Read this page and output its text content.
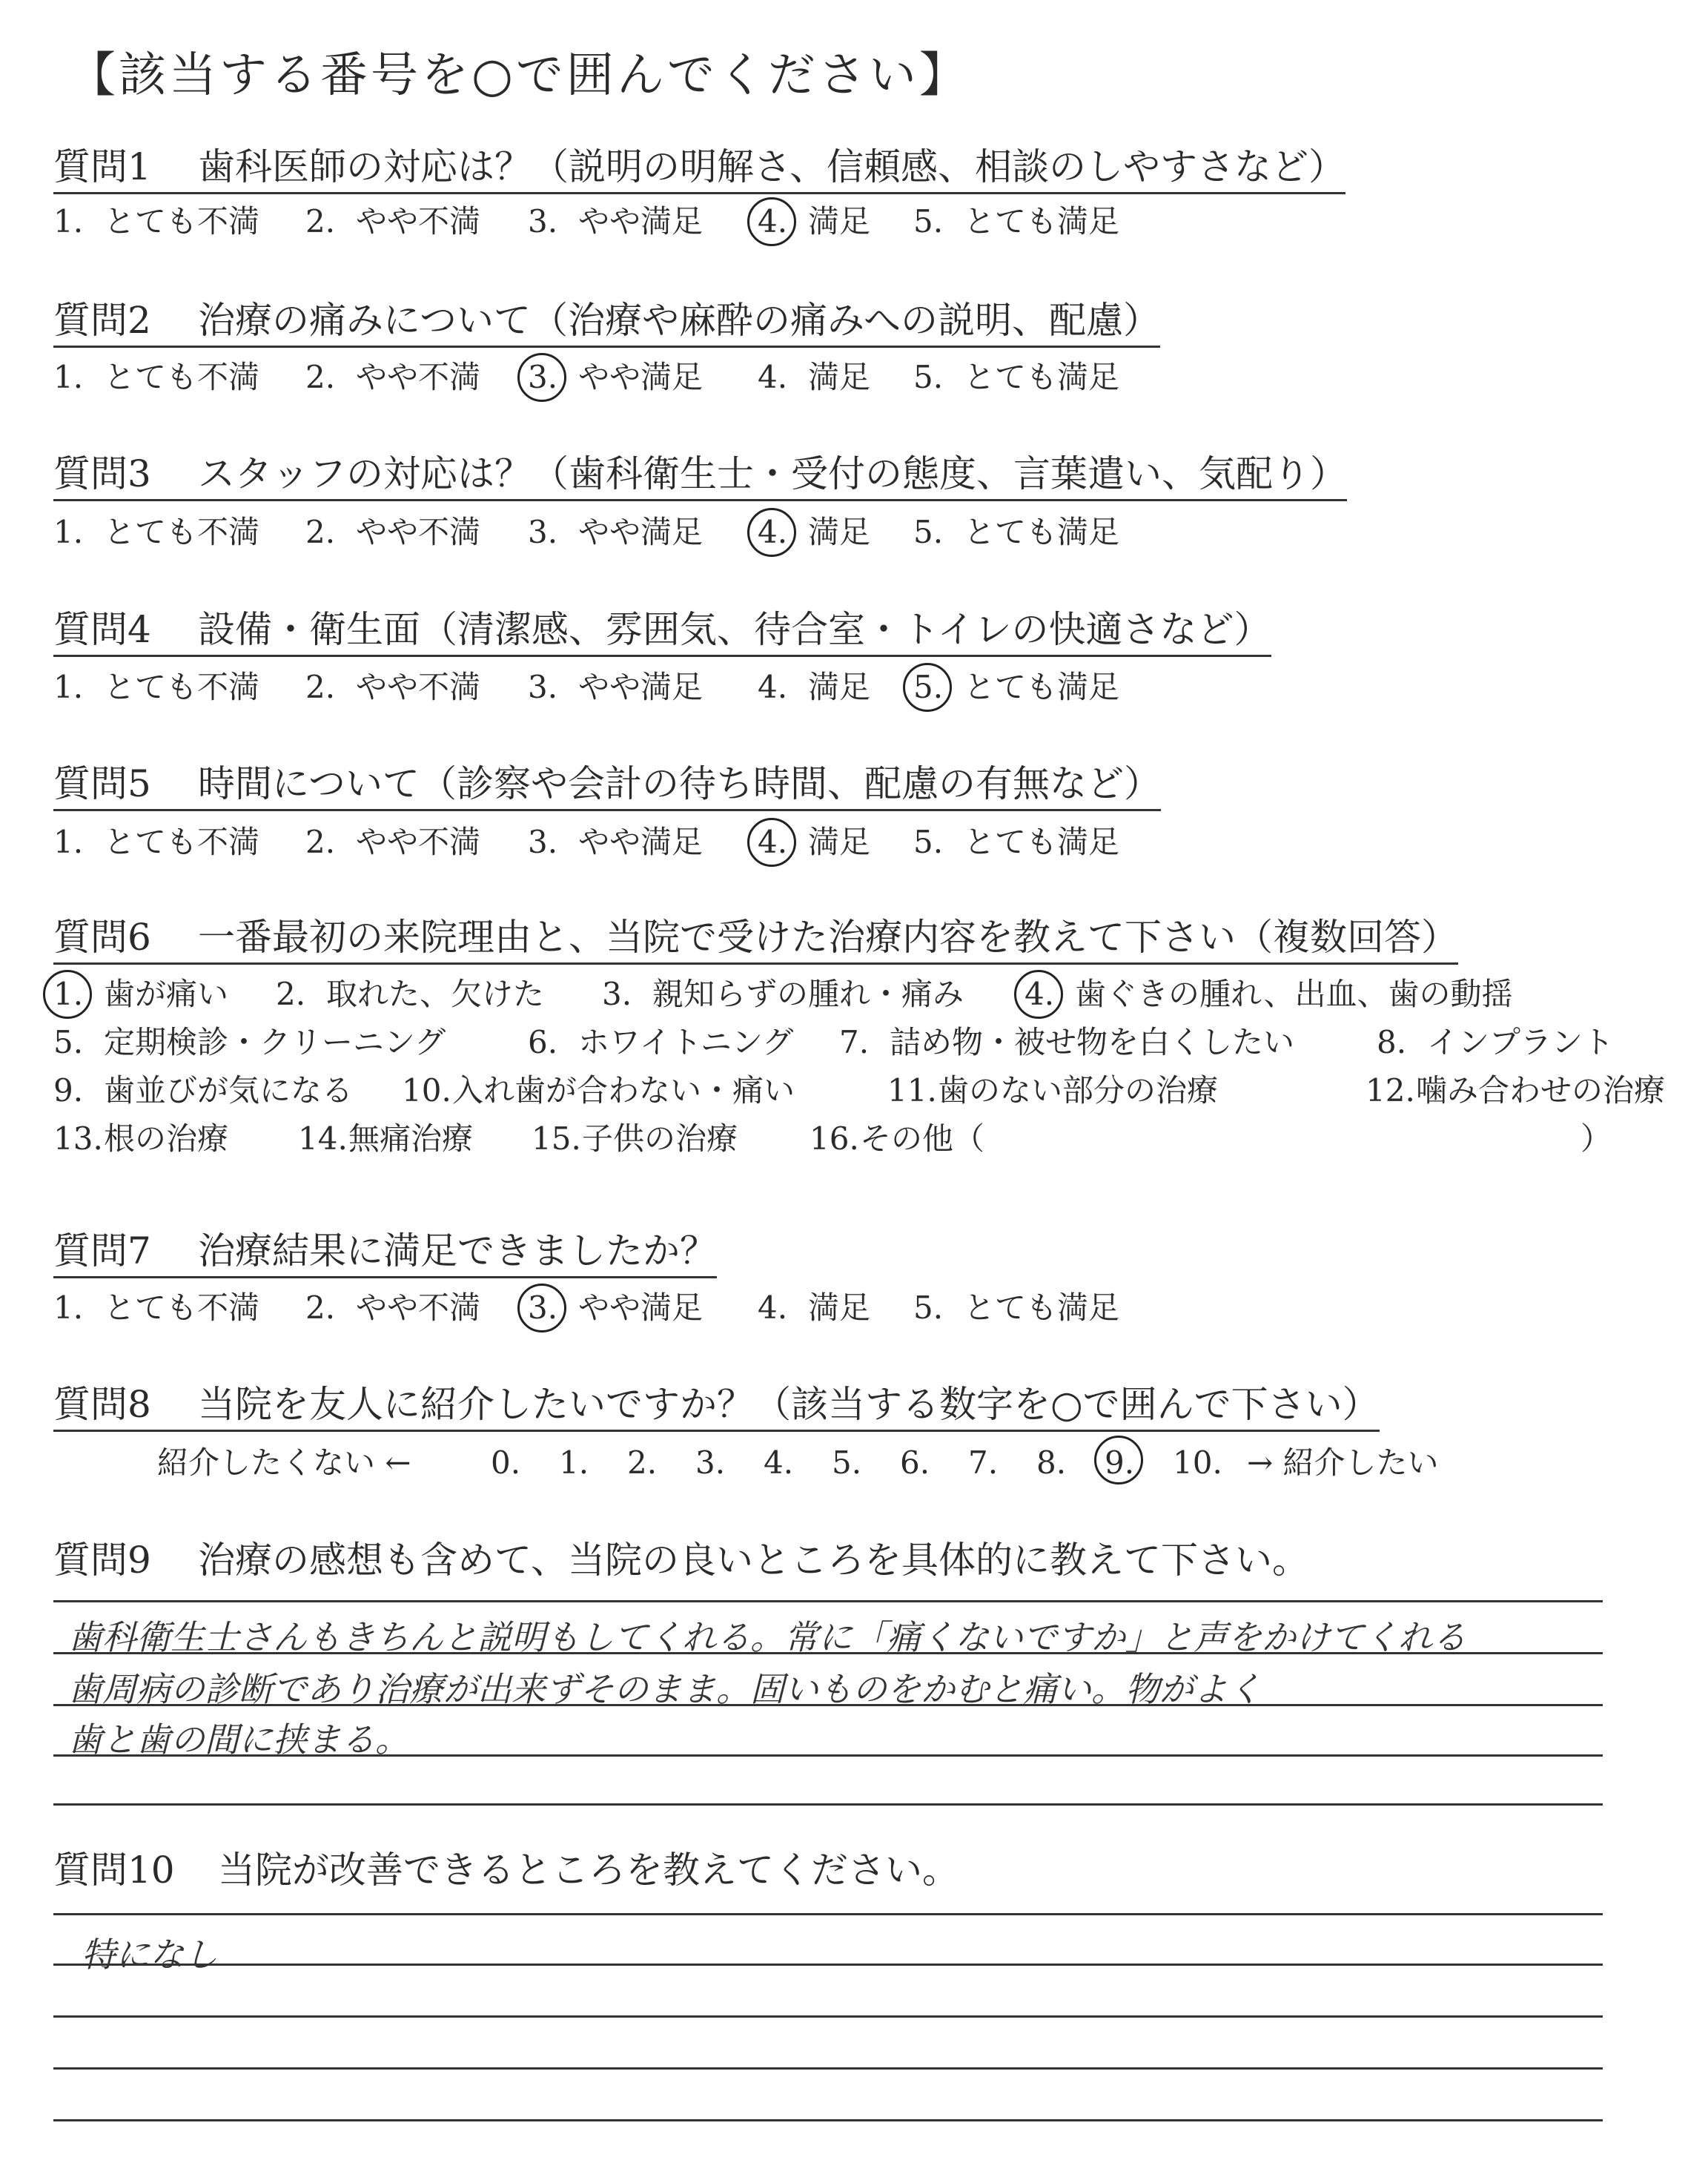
【該当する番号を○で囲んでください】
質問1 歯科医師の対応は？（説明の明解さ、信頼感、相談のしやすさなど）
1. とても不満 2. やや不満 3. やや満足 4. 満足 5. とても満足
質問2 治療の痛みについて（治療や麻酔の痛みへの説明、配慮）
1. とても不満 2. やや不満 3. やや満足 4. 満足 5. とても満足
質問3 スタッフの対応は？（歯科衛生士・受付の態度、言葉遣い、気配り）
1. とても不満 2. やや不満 3. やや満足 4. 満足 5. とても満足
質問4 設備・衛生面（清潔感、雰囲気、待合室・トイレの快適さなど）
1. とても不満 2. やや不満 3. やや満足 4. 満足 5. とても満足
質問5 時間について（診察や会計の待ち時間、配慮の有無など）
1. とても不満 2. やや不満 3. やや満足 4. 満足 5. とても満足
質問6 一番最初の来院理由と、当院で受けた治療内容を教えて下さい（複数回答）
1. 歯が痛い 2. 取れた、欠けた 3. 親知らずの腫れ・痛み 4. 歯ぐきの腫れ、出血、歯の動揺
5. 定期検診・クリーニング	6. ホワイトニング 7. 詰め物・被せ物を白くしたい	8. インプラント
9. 歯並びが気になる 10.入れ歯が合わない・痛い	11.歯のない部分の治療	12.噛み合わせの治療
13.根の治療 14.無痛治療 15.子供の治療 16.その他（	）
質問7 治療結果に満足できましたか？
1. とても不満 2. やや不満 3. やや満足 4. 満足 5. とても満足
質問8 当院を友人に紹介したいですか？（該当する数字を○で囲んで下さい）
紹介したくない ←	0. 1. 2. 3. 4. 5. 6. 7. 8. 9. 10. → 紹介したい
質問9 治療の感想も含めて、当院の良いところを具体的に教えて下さい。
歯科衛生士さんもきちんと説明もしてくれる。常に「痛くないですか」と声をかけてくれる
歯周病の診断であり治療が出来ずそのまま。固いものをかむと痛い。物がよく
歯と歯の間に挟まる。
質問10 当院が改善できるところを教えてください。
特になし
